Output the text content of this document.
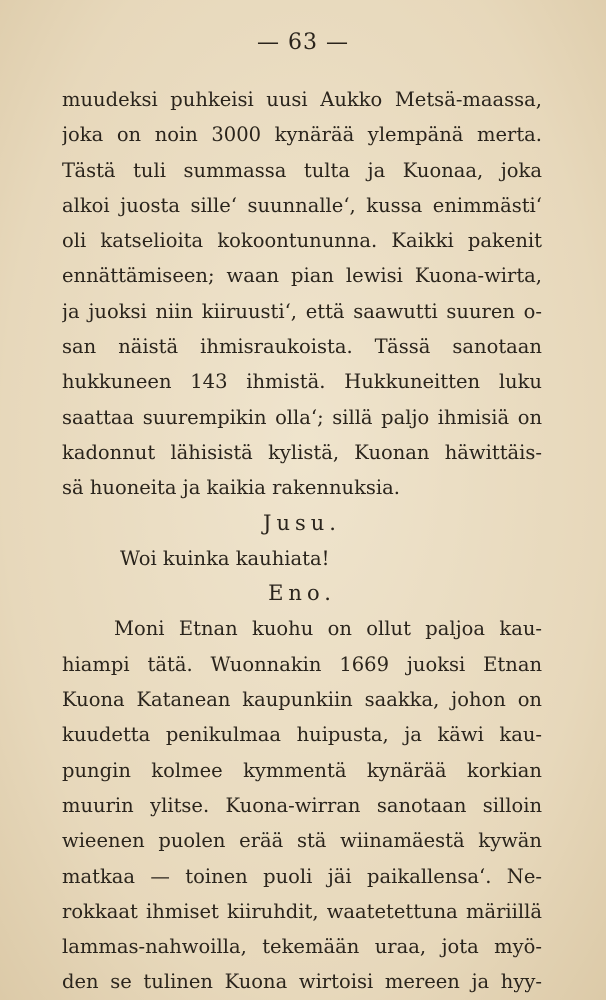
— 63 —
muudeksi puhkeisi uusi Aukko Metsä-maassa,
joka on noin 3000 kynärää ylempänä merta.
Tästä tuli summassa tulta ja Kuonaa, joka
alkoi juosta sille‘ suunnalle‘, kussa enimmästi‘
oli katselioita kokoontununna. Kaikki pakenit
ennättämiseen; waan pian lewisi Kuona-wirta,
ja juoksi niin kiiruusti‘, että saawutti suuren o-
san näistä ihmisraukoista. Tässä sanotaan
hukkuneen 143 ihmistä. Hukkuneitten luku
saattaa suurempikin olla‘; sillä paljo ihmisiä on
kadonnut lähisistä kylistä, Kuonan häwittäis-
sä huoneita ja kaikia rakennuksia.
Jusu.
Woi kuinka kauhiata!
Eno.
Moni Etnan kuohu on ollut paljoa kau-
hiampi tätä. Wuonnakin 1669 juoksi Etnan
Kuona Katanean kaupunkiin saakka, johon on
kuudetta penikulmaa huipusta, ja käwi kau-
pungin kolmee kymmentä kynärää korkian
muurin ylitse. Kuona-wirran sanotaan silloin
wieenen puolen erää stä wiinamäestä kywän
matkaa — toinen puoli jäi paikallensa‘. Ne-
rokkaat ihmiset kiiruhdit, waatetettuna märiillä
lammas-nahwoilla, tekemään uraa, jota myö-
den se tulinen Kuona wirtoisi mereen ja hyy-
